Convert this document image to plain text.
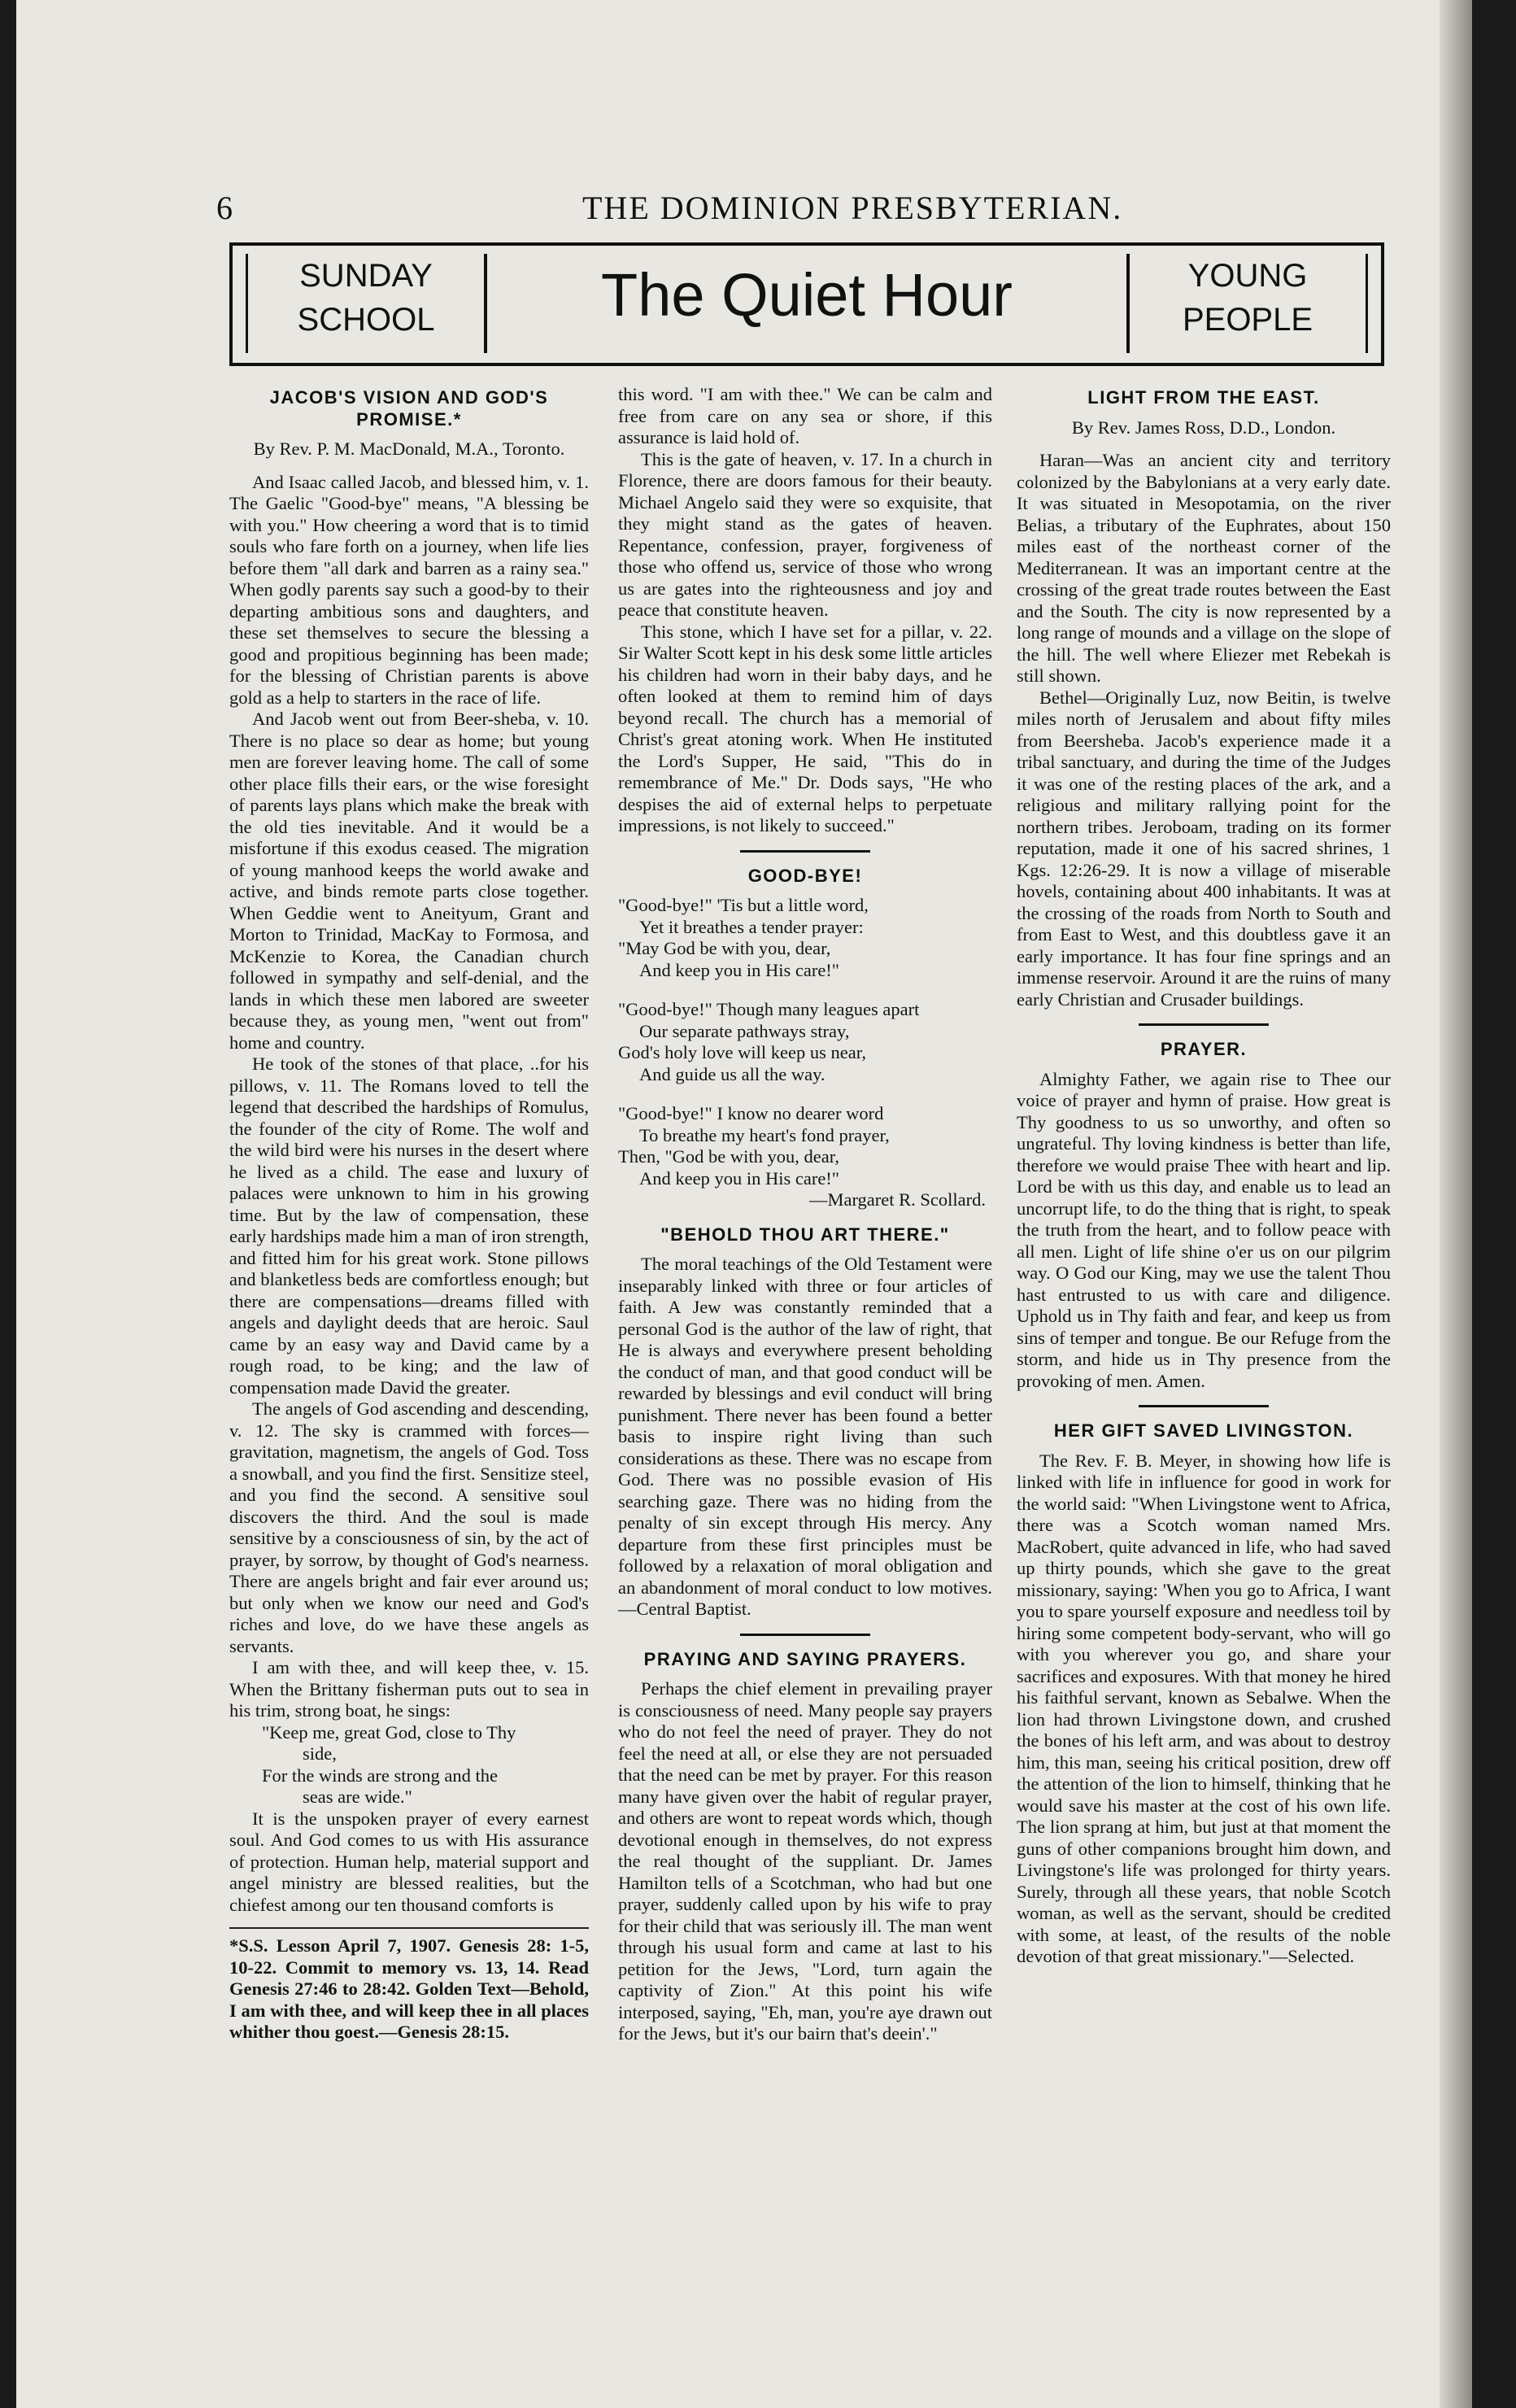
6	THE DOMINION PRESBYTERIAN.
SUNDAY
SCHOOL	The Quiet Hour	YOUNG
PEOPLE
JACOB'S VISION AND GOD'S PROMISE.*

By Rev. P. M. MacDonald, M.A., Toronto.

And Isaac called Jacob, and blessed him, v. 1. The Gaelic "Good-bye" means, "A blessing be with you." How cheering a word that is to timid souls who fare forth on a journey, when life lies before them "all dark and barren as a rainy sea." When godly parents say such a good-by to their departing ambitious sons and daughters, and these set themselves to secure the blessing a good and propitious beginning has been made; for the blessing of Christian parents is above gold as a help to starters in the race of life.

And Jacob went out from Beer-sheba, v. 10. There is no place so dear as home; but young men are forever leaving home. The call of some other place fills their ears, or the wise foresight of parents lays plans which make the break with the old ties inevitable. And it would be a misfortune if this exodus ceased. The migration of young manhood keeps the world awake and active, and binds remote parts close together. When Geddie went to Aneityum, Grant and Morton to Trinidad, MacKay to Formosa, and McKenzie to Korea, the Canadian church followed in sympathy and self-denial, and the lands in which these men labored are sweeter because they, as young men, "went out from" home and country.

He took of the stones of that place, ..for his pillows, v. 11. The Romans loved to tell the legend that described the hardships of Romulus, the founder of the city of Rome. The wolf and the wild bird were his nurses in the desert where he lived as a child. The ease and luxury of palaces were unknown to him in his growing time. But by the law of compensation, these early hardships made him a man of iron strength, and fitted him for his great work. Stone pillows and blanketless beds are comfortless enough; but there are compensations—dreams filled with angels and daylight deeds that are heroic. Saul came by an easy way and David came by a rough road, to be king; and the law of compensation made David the greater.

The angels of God ascending and descending, v. 12. The sky is crammed with forces—gravitation, magnetism, the angels of God. Toss a snowball, and you find the first. Sensitize steel, and you find the second. A sensitive soul discovers the third. And the soul is made sensitive by a consciousness of sin, by the act of prayer, by sorrow, by thought of God's nearness. There are angels bright and fair ever around us; but only when we know our need and God's riches and love, do we have these angels as servants.

I am with thee, and will keep thee, v. 15. When the Brittany fisherman puts out to sea in his trim, strong boat, he sings:

"Keep me, great God, close to Thy
side,
For the winds are strong and the
seas are wide."

It is the unspoken prayer of every earnest soul. And God comes to us with His assurance of protection. Human help, material support and angel ministry are blessed realities, but the chiefest among our ten thousand comforts is

*S.S. Lesson April 7, 1907. Genesis 28: 1-5, 10-22. Commit to memory vs. 13, 14. Read Genesis 27:46 to 28:42. Golden Text—Behold, I am with thee, and will keep thee in all places whither thou goest.—Genesis 28:15.

this word. "I am with thee." We can be calm and free from care on any sea or shore, if this assurance is laid hold of.

This is the gate of heaven, v. 17. In a church in Florence, there are doors famous for their beauty. Michael Angelo said they were so exquisite, that they might stand as the gates of heaven. Repentance, confession, prayer, forgiveness of those who offend us, service of those who wrong us are gates into the righteousness and joy and peace that constitute heaven.

This stone, which I have set for a pillar, v. 22. Sir Walter Scott kept in his desk some little articles his children had worn in their baby days, and he often looked at them to remind him of days beyond recall. The church has a memorial of Christ's great atoning work. When He instituted the Lord's Supper, He said, "This do in remembrance of Me." Dr. Dods says, "He who despises the aid of external helps to perpetuate impressions, is not likely to succeed."

GOOD-BYE!
"Good-bye!" 'Tis but a little word,
Yet it breathes a tender prayer:
"May God be with you, dear,
And keep you in His care!"
"Good-bye!" Though many leagues apart
Our separate pathways stray,
God's holy love will keep us near,
And guide us all the way.
"Good-bye!" I know no dearer word
To breathe my heart's fond prayer,
Then, "God be with you, dear,
And keep you in His care!"
—Margaret R. Scollard.
"BEHOLD THOU ART THERE."

The moral teachings of the Old Testament were inseparably linked with three or four articles of faith. A Jew was constantly reminded that a personal God is the author of the law of right, that He is always and everywhere present beholding the conduct of man, and that good conduct will be rewarded by blessings and evil conduct will bring punishment. There never has been found a better basis to inspire right living than such considerations as these. There was no escape from God. There was no possible evasion of His searching gaze. There was no hiding from the penalty of sin except through His mercy. Any departure from these first principles must be followed by a relaxation of moral obligation and an abandonment of moral conduct to low motives.—Central Baptist.

PRAYING AND SAYING PRAYERS.

Perhaps the chief element in prevailing prayer is consciousness of need. Many people say prayers who do not feel the need of prayer. They do not feel the need at all, or else they are not persuaded that the need can be met by prayer. For this reason many have given over the habit of regular prayer, and others are wont to repeat words which, though devotional enough in themselves, do not express the real thought of the suppliant. Dr. James Hamilton tells of a Scotchman, who had but one prayer, suddenly called upon by his wife to pray for their child that was seriously ill. The man went through his usual form and came at last to his petition for the Jews, "Lord, turn again the captivity of Zion." At this point his wife interposed, saying, "Eh, man, you're aye drawn out for the Jews, but it's our bairn that's deein'."

LIGHT FROM THE EAST.

By Rev. James Ross, D.D., London.

Haran—Was an ancient city and territory colonized by the Babylonians at a very early date. It was situated in Mesopotamia, on the river Belias, a tributary of the Euphrates, about 150 miles east of the northeast corner of the Mediterranean. It was an important centre at the crossing of the great trade routes between the East and the South. The city is now represented by a long range of mounds and a village on the slope of the hill. The well where Eliezer met Rebekah is still shown.

Bethel—Originally Luz, now Beitin, is twelve miles north of Jerusalem and about fifty miles from Beersheba. Jacob's experience made it a tribal sanctuary, and during the time of the Judges it was one of the resting places of the ark, and a religious and military rallying point for the northern tribes. Jeroboam, trading on its former reputation, made it one of his sacred shrines, 1 Kgs. 12:26-29. It is now a village of miserable hovels, containing about 400 inhabitants. It was at the crossing of the roads from North to South and from East to West, and this doubtless gave it an early importance. It has four fine springs and an immense reservoir. Around it are the ruins of many early Christian and Crusader buildings.

PRAYER.

Almighty Father, we again rise to Thee our voice of prayer and hymn of praise. How great is Thy goodness to us so unworthy, and often so ungrateful. Thy loving kindness is better than life, therefore we would praise Thee with heart and lip. Lord be with us this day, and enable us to lead an uncorrupt life, to do the thing that is right, to speak the truth from the heart, and to follow peace with all men. Light of life shine o'er us on our pilgrim way. O God our King, may we use the talent Thou hast entrusted to us with care and diligence. Uphold us in Thy faith and fear, and keep us from sins of temper and tongue. Be our Refuge from the storm, and hide us in Thy presence from the provoking of men. Amen.

HER GIFT SAVED LIVINGSTON.

The Rev. F. B. Meyer, in showing how life is linked with life in influence for good in work for the world said: "When Livingstone went to Africa, there was a Scotch woman named Mrs. MacRobert, quite advanced in life, who had saved up thirty pounds, which she gave to the great missionary, saying: 'When you go to Africa, I want you to spare yourself exposure and needless toil by hiring some competent body-servant, who will go with you wherever you go, and share your sacrifices and exposures. With that money he hired his faithful servant, known as Sebalwe. When the lion had thrown Livingstone down, and crushed the bones of his left arm, and was about to destroy him, this man, seeing his critical position, drew off the attention of the lion to himself, thinking that he would save his master at the cost of his own life. The lion sprang at him, but just at that moment the guns of other companions brought him down, and Livingstone's life was prolonged for thirty years. Surely, through all these years, that noble Scotch woman, as well as the servant, should be credited with some, at least, of the results of the noble devotion of that great missionary."—Selected.
